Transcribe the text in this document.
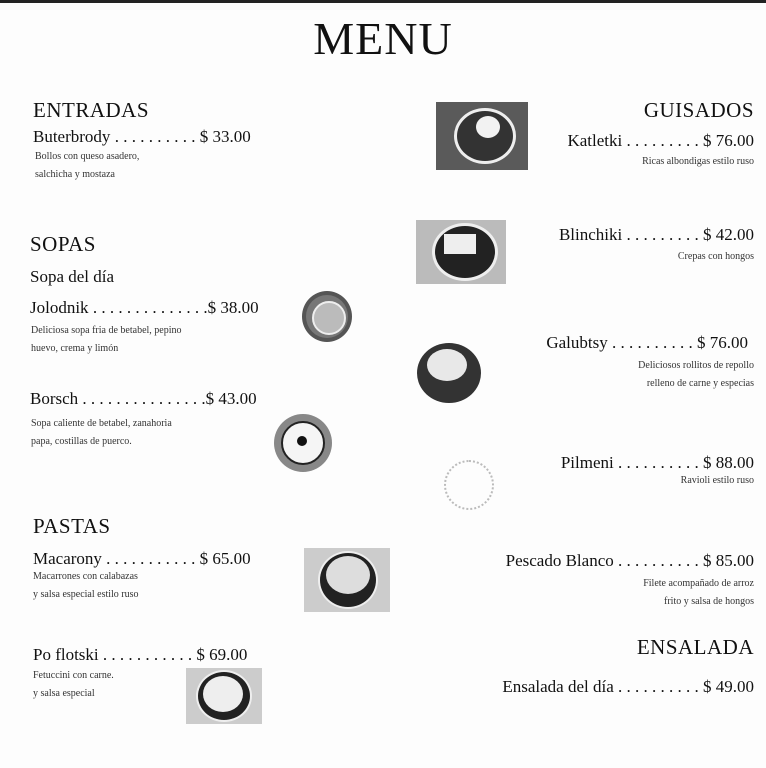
MENU
ENTRADAS
Buterbrody . . . . . . . . . . $ 33.00
Bollos con queso asadero,
salchicha y mostaza
SOPAS
Sopa del día
Jolodnik . . . . . . . . . . . . . .$ 38.00
Deliciosa sopa fria de betabel, pepino
huevo, crema y limón
Borsch . . . . . . . . . . . . . . .$ 43.00
Sopa caliente de betabel, zanahoria
papa, costillas de puerco.
PASTAS
Macarony . . . . . . . . . . . $ 65.00
Macarrones con calabazas
y salsa especial estilo ruso
Po flotski . . . . . . . . . . . $ 69.00
Fetuccini con carne.
y salsa especial
GUISADOS
Katletki . . . . . . . . . $ 76.00
Ricas albondigas estilo ruso
Blinchiki . . . . . . . . . $ 42.00
Crepas con hongos
Galubtsy . . . . . . . . . . $ 76.00
Deliciosos rollitos de repollo
relleno de carne y especias
Pilmeni . . . . . . . . . . $ 88.00
Ravioli estilo ruso
Pescado Blanco . . . . . . . . . . $ 85.00
Filete acompañado de arroz
frito y salsa de hongos
ENSALADA
Ensalada del día . . . . . . . . . . $ 49.00
